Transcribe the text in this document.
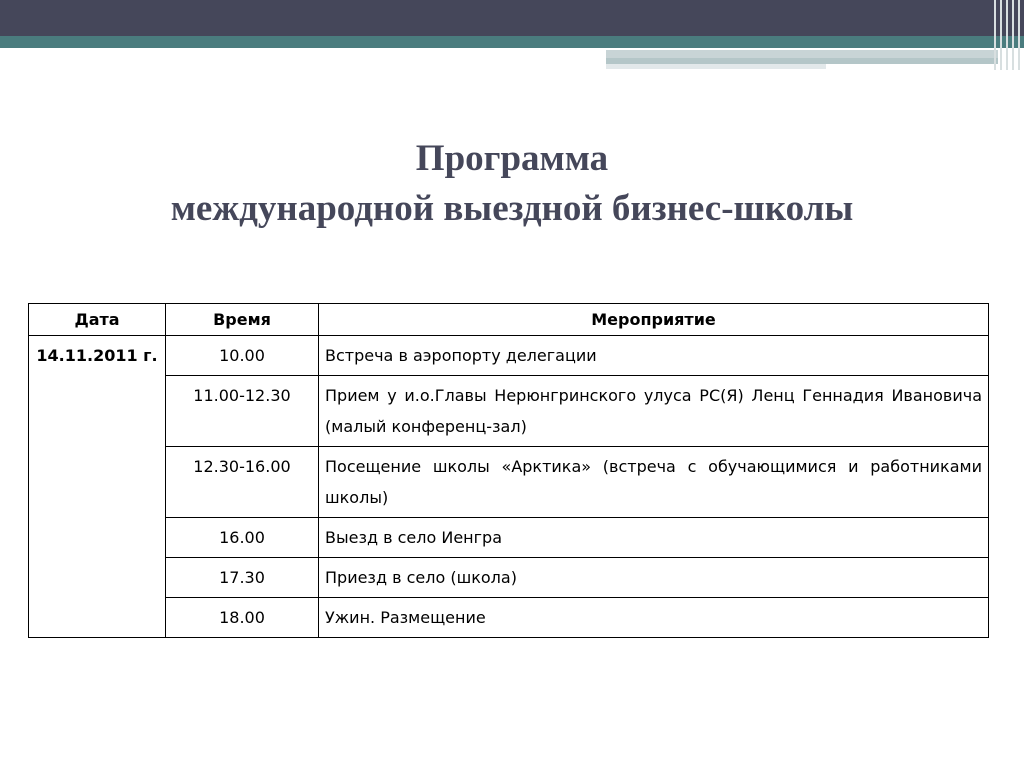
Программа
международной выездной бизнес-школы
Дата	Время	Мероприятие
14.11.2011 г.	10.00	Встреча в аэропорту делегации
	11.00-12.30	Прием у и.о.Главы Нерюнгринского улуса РС(Я) Ленц Геннадия Ивановича (малый конференц-зал)
	12.30-16.00	Посещение школы «Арктика» (встреча с обучающимися и работниками школы)
	16.00	Выезд в село Иенгра
	17.30	Приезд в село (школа)
	18.00	Ужин. Размещение
